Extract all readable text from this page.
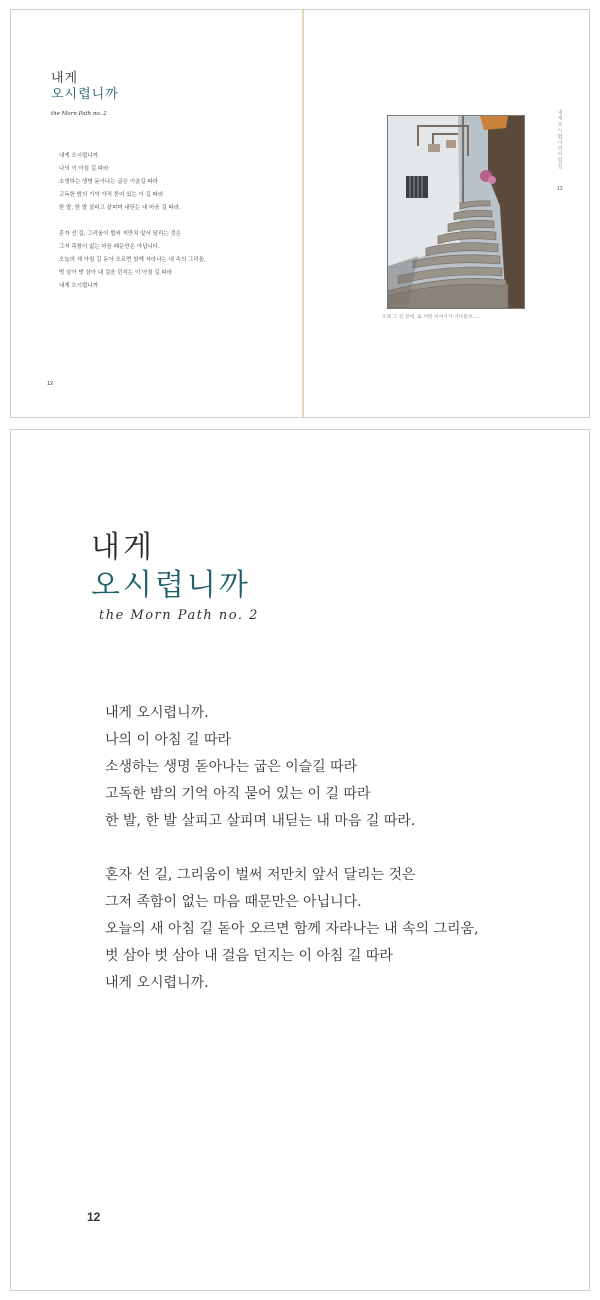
내게
오시렵니까
the Morn Path no. 2
내게 오시렵니까.
나의 이 아침 길 따라
소생하는 생명 돋아나는 굽은 이슬길 따라
고독한 밤의 기억 아직 묻어 있는 이 길 따라
한 발, 한 발 살피고 살피며 내딛는 내 마음 길 따라.
혼자 선 길, 그리움이 벌써 저만치 앞서 달리는 것은
그저 족함이 없는 마음 때문만은 아닙니다.
오늘의 새 아침 길 돋아 오르면 함께 자라나는 내 속의 그리움,
벗 삼아 벗 삼아 내 걸음 던지는 이 아침 길 따라
내게 오시렵니까.
12
오래 그 길 끝에, 또 어떤 이야기가 기다릴까......
내게 오시렵니까 아침길
13
내게
오시렵니까
the Morn Path no. 2
내게 오시렵니까.
나의 이 아침 길 따라
소생하는 생명 돋아나는 굽은 이슬길 따라
고독한 밤의 기억 아직 묻어 있는 이 길 따라
한 발, 한 발 살피고 살피며 내딛는 내 마음 길 따라.
혼자 선 길, 그리움이 벌써 저만치 앞서 달리는 것은
그저 족함이 없는 마음 때문만은 아닙니다.
오늘의 새 아침 길 돋아 오르면 함께 자라나는 내 속의 그리움,
벗 삼아 벗 삼아 내 걸음 던지는 이 아침 길 따라
내게 오시렵니까.
12
